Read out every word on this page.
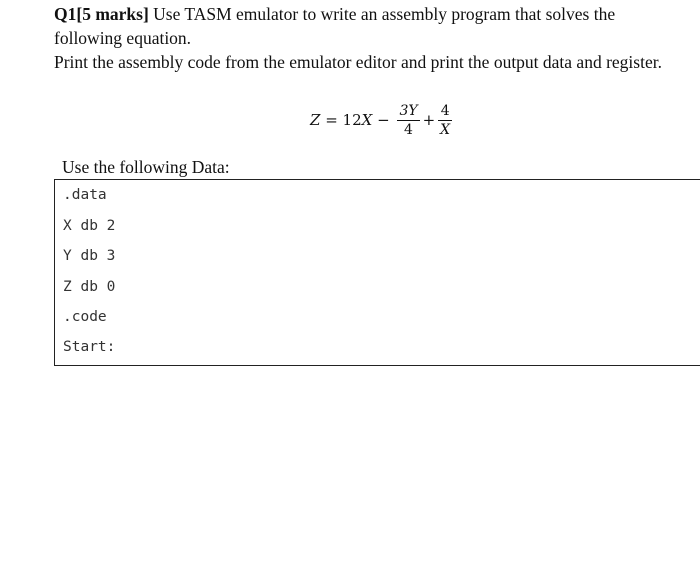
Q1[5 marks] Use TASM emulator to write an assembly program that solves the following equation.

Print the assembly code from the emulator editor and print the output data and register.

Z = 12 $X - \frac{3Y}{4} + \frac{4}{X}$
Use the following Data:
.data
X db 2
Y db 3
Z db 0
.code
Start:
